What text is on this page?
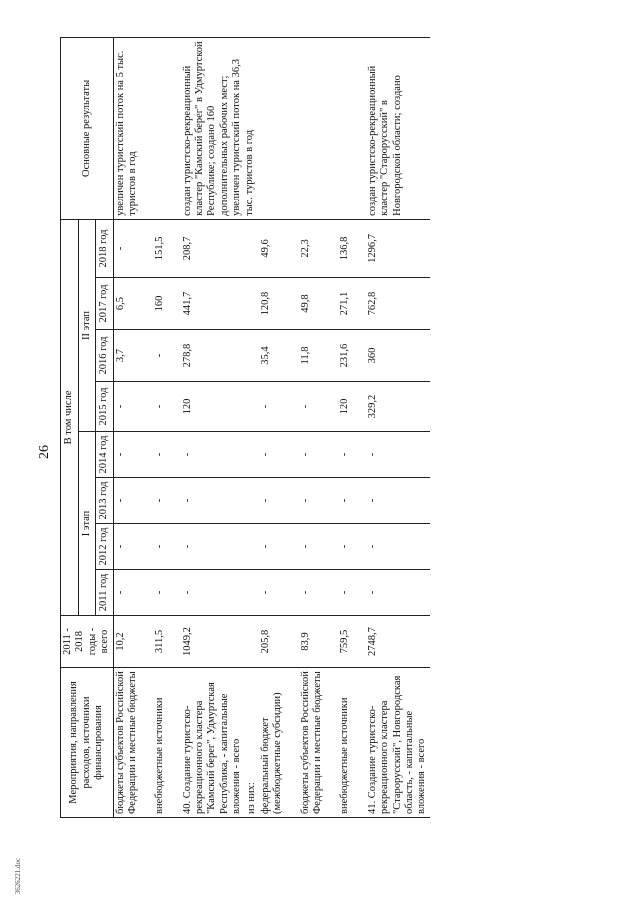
26
Мероприятия, направления расходов, источники финансирования	2011 - 2018 годы - всего	В том числе								Основные результаты
		I этап				II этап				
		2011 год	2012 год	2013 год	2014 год	2015 год	2016 год	2017 год	2018 год	
бюджеты субъектов Российской Федерации и местные бюджеты	10,2	-	-	-	-	-	3,7	6,5	-	увеличен туристский поток на 5 тыс. туристов в год
внебюджетные источники	311,5	-	-	-	-	-	-	160	151,5	
40. Создание туристско-рекреационного кластера "Камский берег", Удмуртская Республика, - капитальные вложения - всего	1049,2	-	-	-	-	120	278,8	441,7	208,7	создан туристско-рекреационный кластер "Камский берег" в Удмуртской Республике; создано 160 дополнительных рабочих мест; увеличен туристский поток на 36,3 тыс. туристов в год
из них:										
федеральный бюджет (межбюджетные субсидии)	205,8	-	-	-	-	-	35,4	120,8	49,6	
бюджеты субъектов Российской Федерации и местные бюджеты	83,9	-	-	-	-	-	11,8	49,8	22,3	
внебюджетные источники	759,5	-	-	-	-	120	231,6	271,1	136,8	
41. Создание туристско-рекреационного кластера "Старорусский", Новгородская область, - капитальные вложения - всего	2748,7	-	-	-	-	329,2	360	762,8	1296,7	создан туристско-рекреационный кластер "Старорусский" в Новгородской области; создано
3626221.doc
